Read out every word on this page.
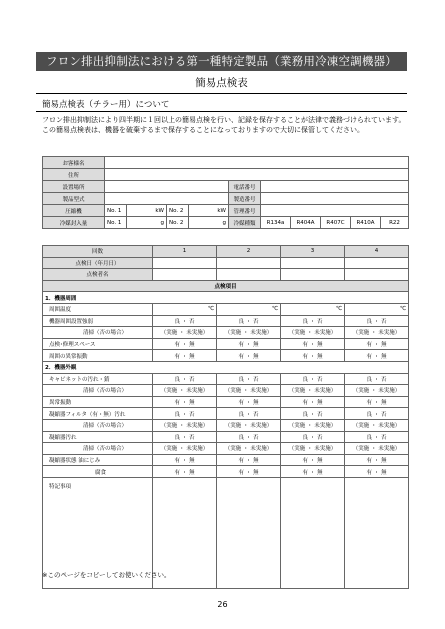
フロン排出抑制法における第一種特定製品（業務用冷凍空調機器）
簡易点検表
簡易点検表（チラー用）について
フロン排出抑制法により四半期に１回以上の簡易点検を行い、記録を保存することが法律で義務づけられています。この簡易点検表は、機器を破棄するまで保存することになっておりますので大切に保管してください。
お客様名										
住所										
設置場所					電話番号					
製品型式					製造番号					
圧縮機	No. 1	kW	No. 2	kW	管理番号					
冷媒封入量	No. 1	g	No. 2	g	冷媒種類	R134a	R404A	R407C	R410A	R22
回数	1	2	3	4
点検日（年月日）				
点検者名				
点検項目				
1．機器周囲				
周囲温度	℃	℃	℃	℃
機器周囲設置強弱	良 ・ 否	良 ・ 否	良 ・ 否	良 ・ 否
清掃（否の場合）	（実施 ・ 未実施）	（実施 ・ 未実施）	（実施 ・ 未実施）	（実施 ・ 未実施）
点検･修理スペース	有 ・ 無	有 ・ 無	有 ・ 無	有 ・ 無
周囲の異常振動	有 ・ 無	有 ・ 無	有 ・ 無	有 ・ 無
2．機器外観				
キャビネットの汚れ・錆	良 ・ 否	良 ・ 否	良 ・ 否	良 ・ 否
清掃（否の場合）	（実施 ・ 未実施）	（実施 ・ 未実施）	（実施 ・ 未実施）	（実施 ・ 未実施）
異常振動	有 ・ 無	有 ・ 無	有 ・ 無	有 ・ 無
凝縮器フィルタ（有・無）汚れ	良 ・ 否	良 ・ 否	良 ・ 否	良 ・ 否
清掃（否の場合）	（実施 ・ 未実施）	（実施 ・ 未実施）	（実施 ・ 未実施）	（実施 ・ 未実施）
凝縮器汚れ	良 ・ 否	良 ・ 否	良 ・ 否	良 ・ 否
清掃（否の場合）	（実施 ・ 未実施）	（実施 ・ 未実施）	（実施 ・ 未実施）	（実施 ・ 未実施）
凝縮器状態 油にじみ	有 ・ 無	有 ・ 無	有 ・ 無	有 ・ 無
腐食	有 ・ 無	有 ・ 無	有 ・ 無	有 ・ 無
特記事項				
※このページをコピーしてお使いください。
26
